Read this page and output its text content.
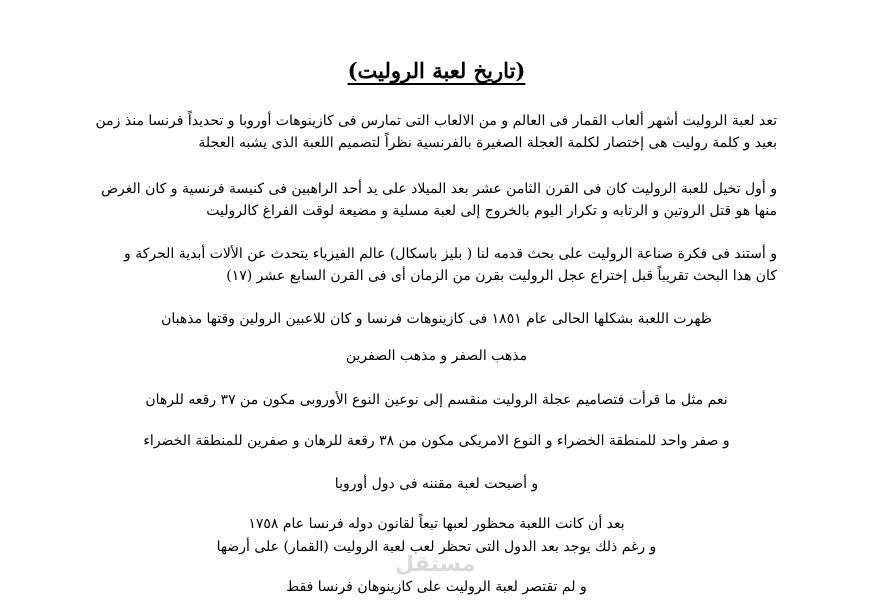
(تاريخ لعبة الروليت)
تعد لعبة الروليت أشهر ألعاب القمار فى العالم و من الالعاب التى تمارس فى كازينوهات أوروبا و تحديداً فرنسا منذ زمن
بعيد و كلمة روليت هى إختصار لكلمة العجلة الصغيرة بالفرنسية نظراً لتصميم اللعبة الذى يشبه العجلة
و أول تخيل للعبة الروليت كان فى القرن الثامن عشر بعد الميلاد على يد أحد الراهبين فى كنيسة فرنسية و كان الغرض
منها هو قتل الروتين و الرتابه و تكرار اليوم بالخروج إلى لعبة مسلية و مضيعة لوقت الفراغ كالروليت
و أستند فى فكرة صناعة الروليت على بحث قدمه لنا ( بليز باسكال) عالم الفيزياء يتحدث عن الألات أبدية الحركة و
كان هذا البحث تقريباً قبل إختراع عجل الروليت بقرن من الزمان أى فى القرن السابع عشر (١٧)
ظهرت اللعبة بشكلها الحالى عام ١٨٥١ فى كازينوهات فرنسا و كان للاعبين الرولين وقتها مذهبان
مذهب الصفر و مذهب الصفرين
نعم مثل ما قرأت فتصاميم عجلة الروليت منقسم إلى نوعين النوع الأوروبى مكون من ٣٧ رقعه للرهان
و صفر واحد للمنطقة الخضراء و النوع الامريكى مكون من ٣٨ رقعة للرهان و صفرين للمنطقة الخضراء
و أصبحت لعبة مقننه فى دول أوروبا
بعد أن كانت اللعبة محظور لعبها تبعاً لقانون دوله فرنسا عام ١٧٥٨
و رغم ذلك يوجد بعد الدول التى تحظر لعب لعبة الروليت (القمار) على أرضها
و لم تقتصر لعبة الروليت على كازينوهان فرنسا فقط
مستقل
